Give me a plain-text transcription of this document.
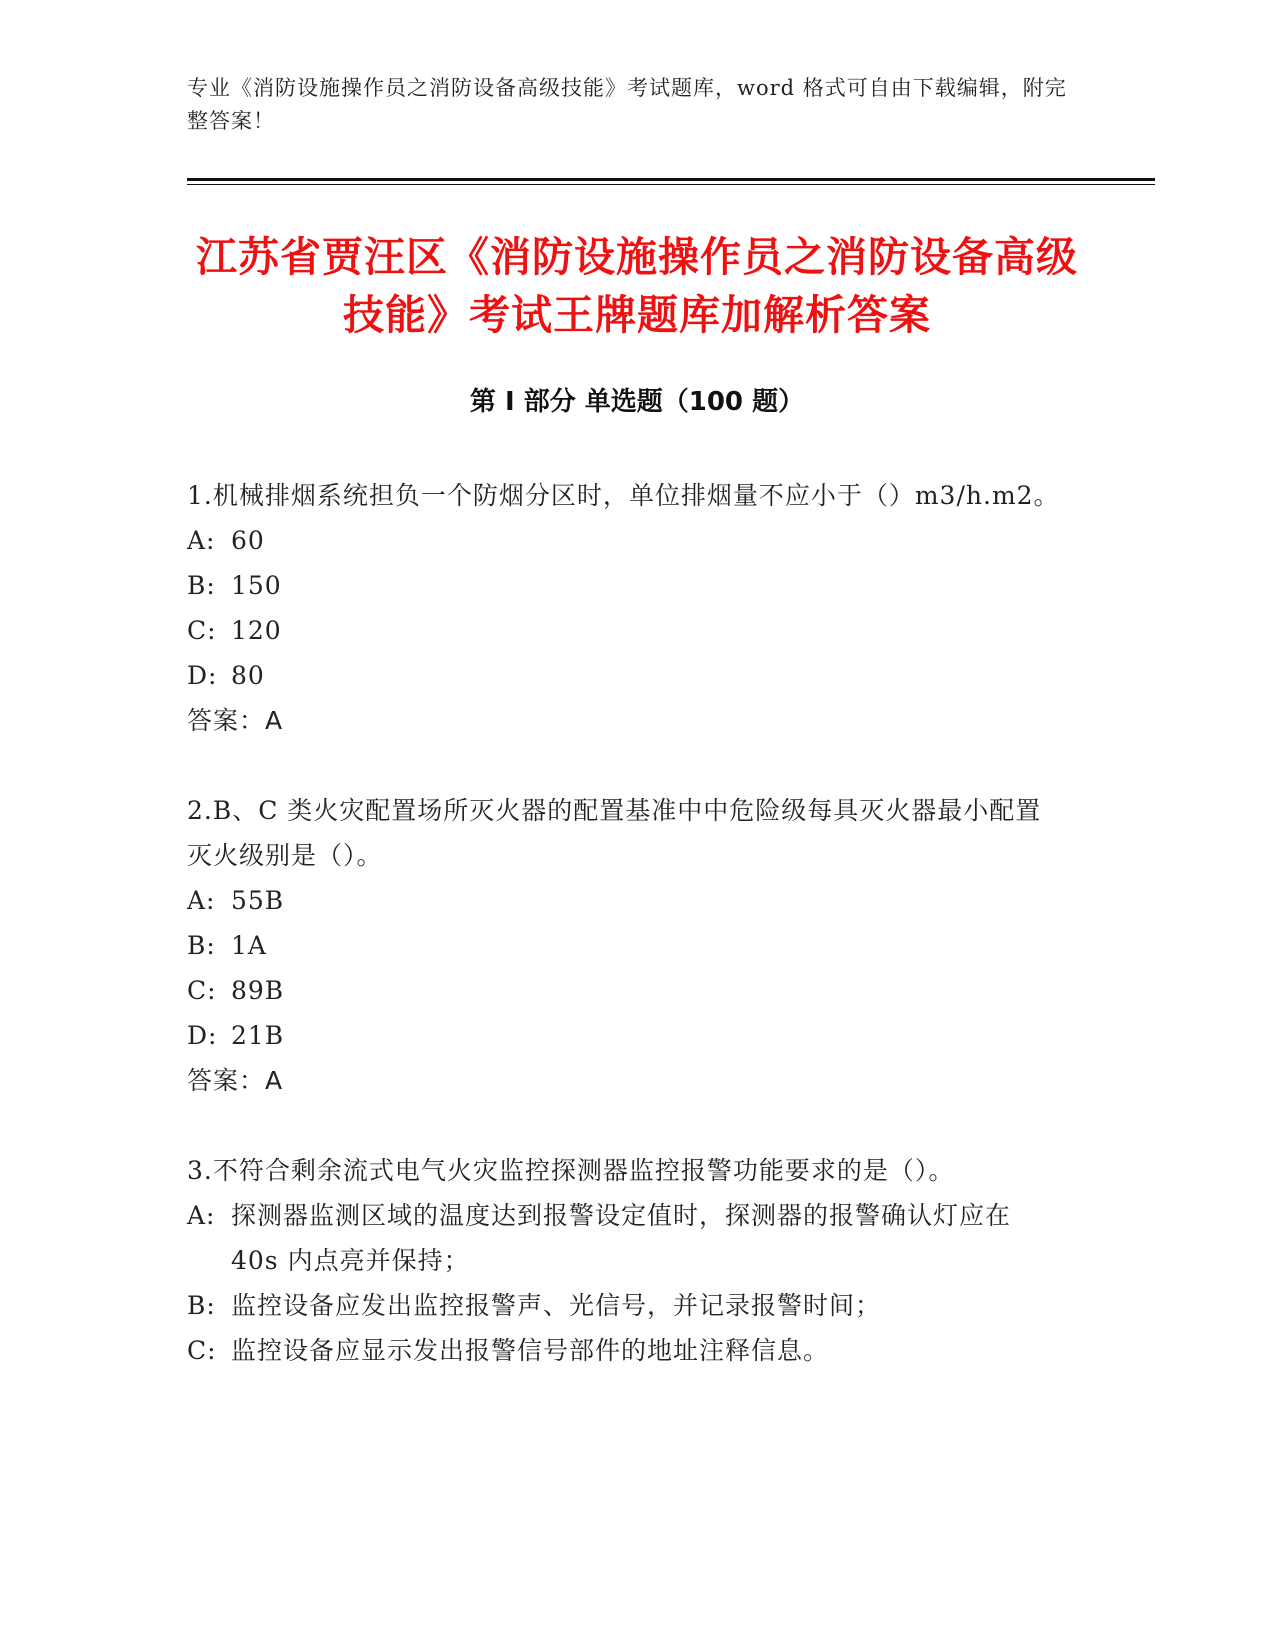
专业《消防设施操作员之消防设备高级技能》考试题库，word 格式可自由下载编辑，附完整答案！
江苏省贾汪区《消防设施操作员之消防设备高级技能》考试王牌题库加解析答案
第 I 部分 单选题（100 题）

1.机械排烟系统担负一个防烟分区时，单位排烟量不应小于（）m3/h.m2。

A: 60

B: 150

C: 120

D: 80

答案：A

2.B、C 类火灾配置场所灭火器的配置基准中中危险级每具灭火器最小配置灭火级别是（）。

A: 55B

B: 1A

C: 89B

D: 21B

答案：A

3.不符合剩余流式电气火灾监控探测器监控报警功能要求的是（）。

A: 探测器监测区域的温度达到报警设定值时，探测器的报警确认灯应在 40s 内点亮并保持；

B: 监控设备应发出监控报警声、光信号，并记录报警时间；

C: 监控设备应显示发出报警信号部件的地址注释信息。
